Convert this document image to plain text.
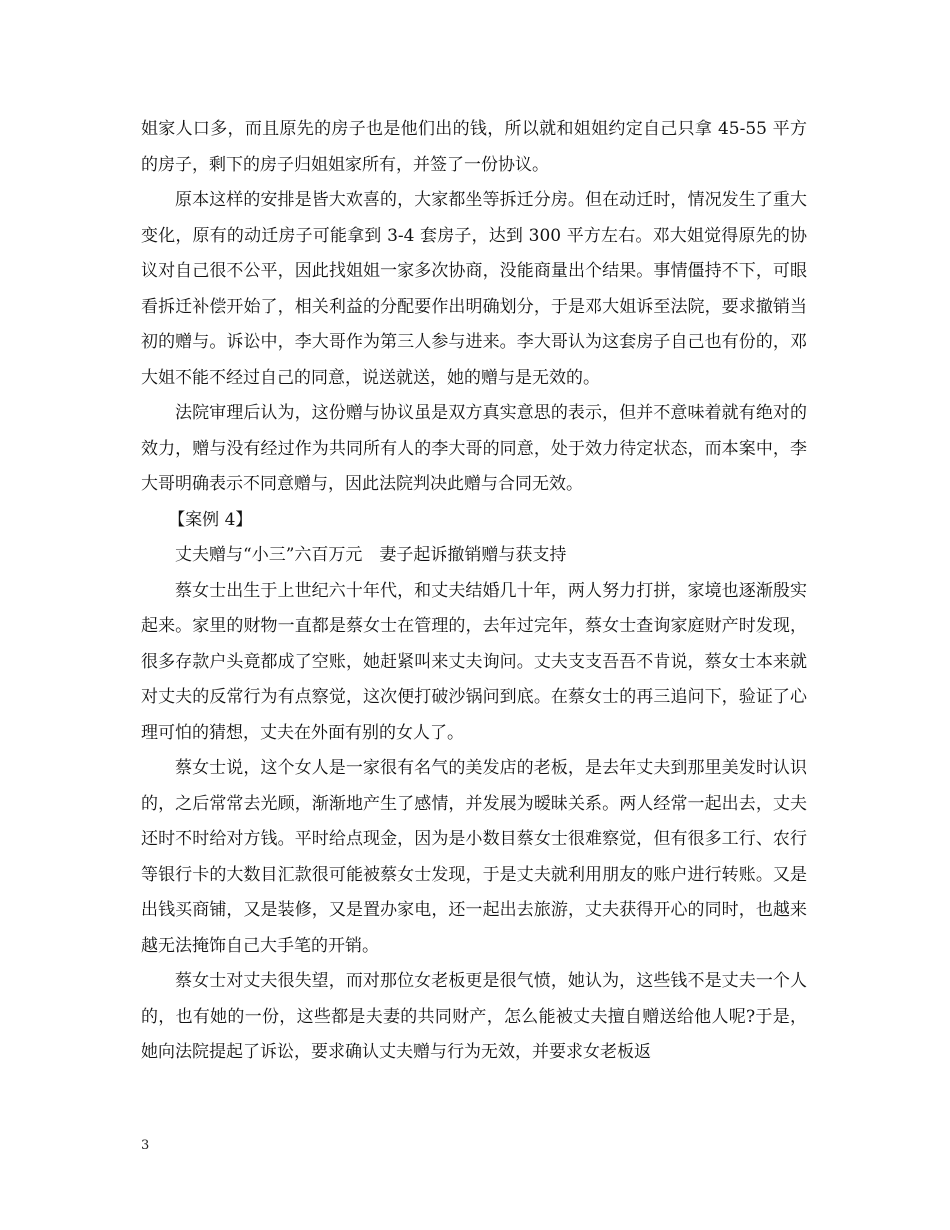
姐家人口多，而且原先的房子也是他们出的钱，所以就和姐姐约定自己只拿 45-55 平方的房子，剩下的房子归姐姐家所有，并签了一份协议。

原本这样的安排是皆大欢喜的，大家都坐等拆迁分房。但在动迁时，情况发生了重大变化，原有的动迁房子可能拿到 3-4 套房子，达到 300 平方左右。邓大姐觉得原先的协议对自己很不公平，因此找姐姐一家多次协商，没能商量出个结果。事情僵持不下，可眼看拆迁补偿开始了，相关利益的分配要作出明确划分，于是邓大姐诉至法院，要求撤销当初的赠与。诉讼中，李大哥作为第三人参与进来。李大哥认为这套房子自己也有份的，邓大姐不能不经过自己的同意，说送就送，她的赠与是无效的。

法院审理后认为，这份赠与协议虽是双方真实意思的表示，但并不意味着就有绝对的效力，赠与没有经过作为共同所有人的李大哥的同意，处于效力待定状态，而本案中，李大哥明确表示不同意赠与，因此法院判决此赠与合同无效。

【案例 4】

丈夫赠与“小三”六百万元　妻子起诉撤销赠与获支持

蔡女士出生于上世纪六十年代，和丈夫结婚几十年，两人努力打拼，家境也逐渐殷实起来。家里的财物一直都是蔡女士在管理的，去年过完年，蔡女士查询家庭财产时发现，很多存款户头竟都成了空账，她赶紧叫来丈夫询问。丈夫支支吾吾不肯说，蔡女士本来就对丈夫的反常行为有点察觉，这次便打破沙锅问到底。在蔡女士的再三追问下，验证了心理可怕的猜想，丈夫在外面有别的女人了。

蔡女士说，这个女人是一家很有名气的美发店的老板，是去年丈夫到那里美发时认识的，之后常常去光顾，渐渐地产生了感情，并发展为暧昧关系。两人经常一起出去，丈夫还时不时给对方钱。平时给点现金，因为是小数目蔡女士很难察觉，但有很多工行、农行等银行卡的大数目汇款很可能被蔡女士发现，于是丈夫就利用朋友的账户进行转账。又是出钱买商铺，又是装修，又是置办家电，还一起出去旅游，丈夫获得开心的同时，也越来越无法掩饰自己大手笔的开销。

蔡女士对丈夫很失望，而对那位女老板更是很气愤，她认为，这些钱不是丈夫一个人的，也有她的一份，这些都是夫妻的共同财产，怎么能被丈夫擅自赠送给他人呢?于是，她向法院提起了诉讼，要求确认丈夫赠与行为无效，并要求女老板返

3
